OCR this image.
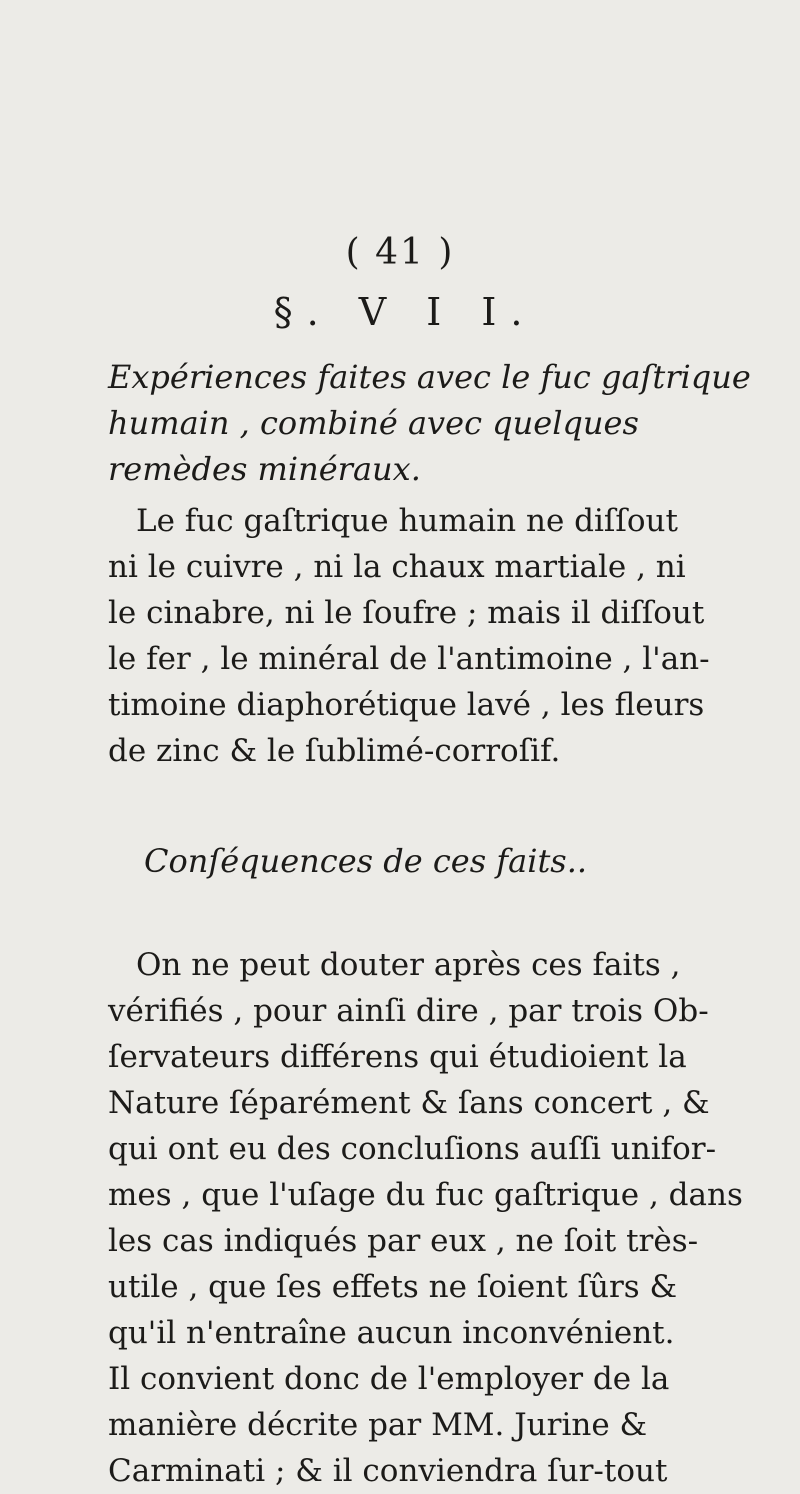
( 41 )
§. V I I.
Expériences faites avec le fuc gaſtrique
humain , combiné avec quelques
remèdes minéraux.
Le fuc gaſtrique humain ne diſſout
ni le cuivre , ni la chaux martiale , ni
le cinabre, ni le ſoufre ; mais il diſſout
le fer , le minéral de l'antimoine , l'an-
timoine diaphorétique lavé , les fleurs
de zinc & le ſublimé-corroſif.
Conſéquences de ces faits..
On ne peut douter après ces faits ,
vérifiés , pour ainſi dire , par trois Ob-
ſervateurs différens qui étudioient la
Nature ſéparément & ſans concert , &
qui ont eu des concluſions auſſi unifor-
mes , que l'uſage du fuc gaſtrique , dans
les cas indiqués par eux , ne ſoit très-
utile , que ſes effets ne ſoient ſûrs &
qu'il n'entraîne aucun inconvénient.
Il convient donc de l'employer de la
manière décrite par MM. Jurine &
Carminati ; & il conviendra ſur-tout
